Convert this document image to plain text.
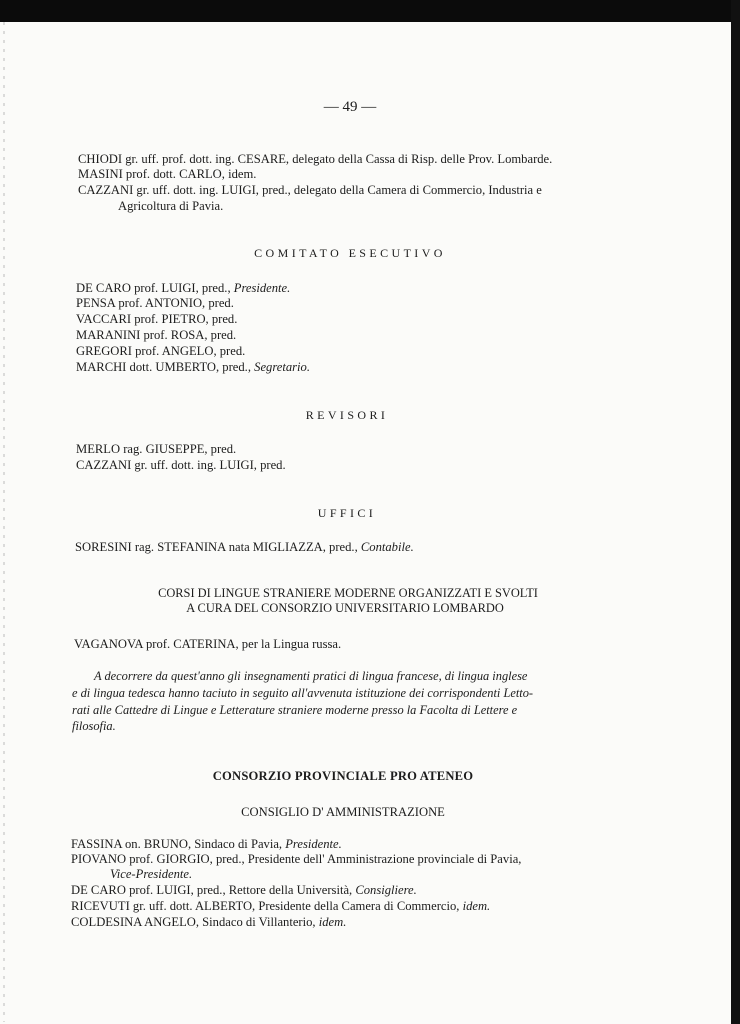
— 49 —
CHIODI gr. uff. prof. dott. ing. CESARE, delegato della Cassa di Risp. delle Prov. Lombarde.
MASINI prof. dott. CARLO, idem.
CAZZANI gr. uff. dott. ing. LUIGI, pred., delegato della Camera di Commercio, Industria e
Agricoltura di Pavia.
COMITATO ESECUTIVO
DE CARO prof. LUIGI, pred., Presidente.
PENSA prof. ANTONIO, pred.
VACCARI prof. PIETRO, pred.
MARANINI prof. ROSA, pred.
GREGORI prof. ANGELO, pred.
MARCHI dott. UMBERTO, pred., Segretario.
REVISORI
MERLO rag. GIUSEPPE, pred.
CAZZANI gr. uff. dott. ing. LUIGI, pred.
UFFICI
SORESINI rag. STEFANINA nata MIGLIAZZA, pred., Contabile.
CORSI DI LINGUE STRANIERE MODERNE ORGANIZZATI E SVOLTI
A CURA DEL CONSORZIO UNIVERSITARIO LOMBARDO
VAGANOVA prof. CATERINA, per la Lingua russa.
A decorrere da quest'anno gli insegnamenti pratici di lingua francese, di lingua inglese
e di lingua tedesca hanno taciuto in seguito all'avvenuta istituzione dei corrispondenti Letto-
rati alle Cattedre di Lingue e Letterature straniere moderne presso la Facolta di Lettere e
filosofia.
CONSORZIO PROVINCIALE PRO ATENEO
CONSIGLIO D' AMMINISTRAZIONE
FASSINA on. BRUNO, Sindaco di Pavia, Presidente.
PIOVANO prof. GIORGIO, pred., Presidente dell' Amministrazione provinciale di Pavia,
Vice-Presidente.
DE CARO prof. LUIGI, pred., Rettore della Università, Consigliere.
RICEVUTI gr. uff. dott. ALBERTO, Presidente della Camera di Commercio, idem.
COLDESINA ANGELO, Sindaco di Villanterio, idem.
